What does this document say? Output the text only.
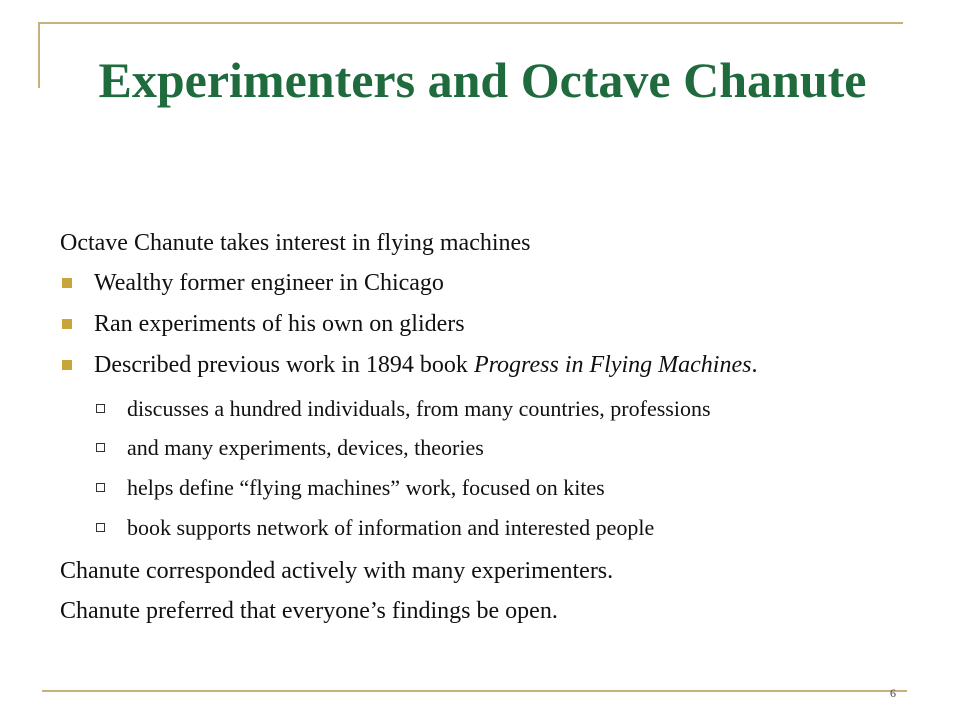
Experimenters and Octave Chanute
Octave Chanute takes interest in flying machines
Wealthy former engineer in Chicago
Ran experiments of his own on gliders
Described previous work in 1894 book Progress in Flying Machines.
discusses a hundred individuals, from many countries, professions
and many experiments, devices, theories
helps define “flying machines” work, focused on kites
book supports network of information and interested people
Chanute corresponded actively with many experimenters.
Chanute preferred that everyone’s findings be open.
6
